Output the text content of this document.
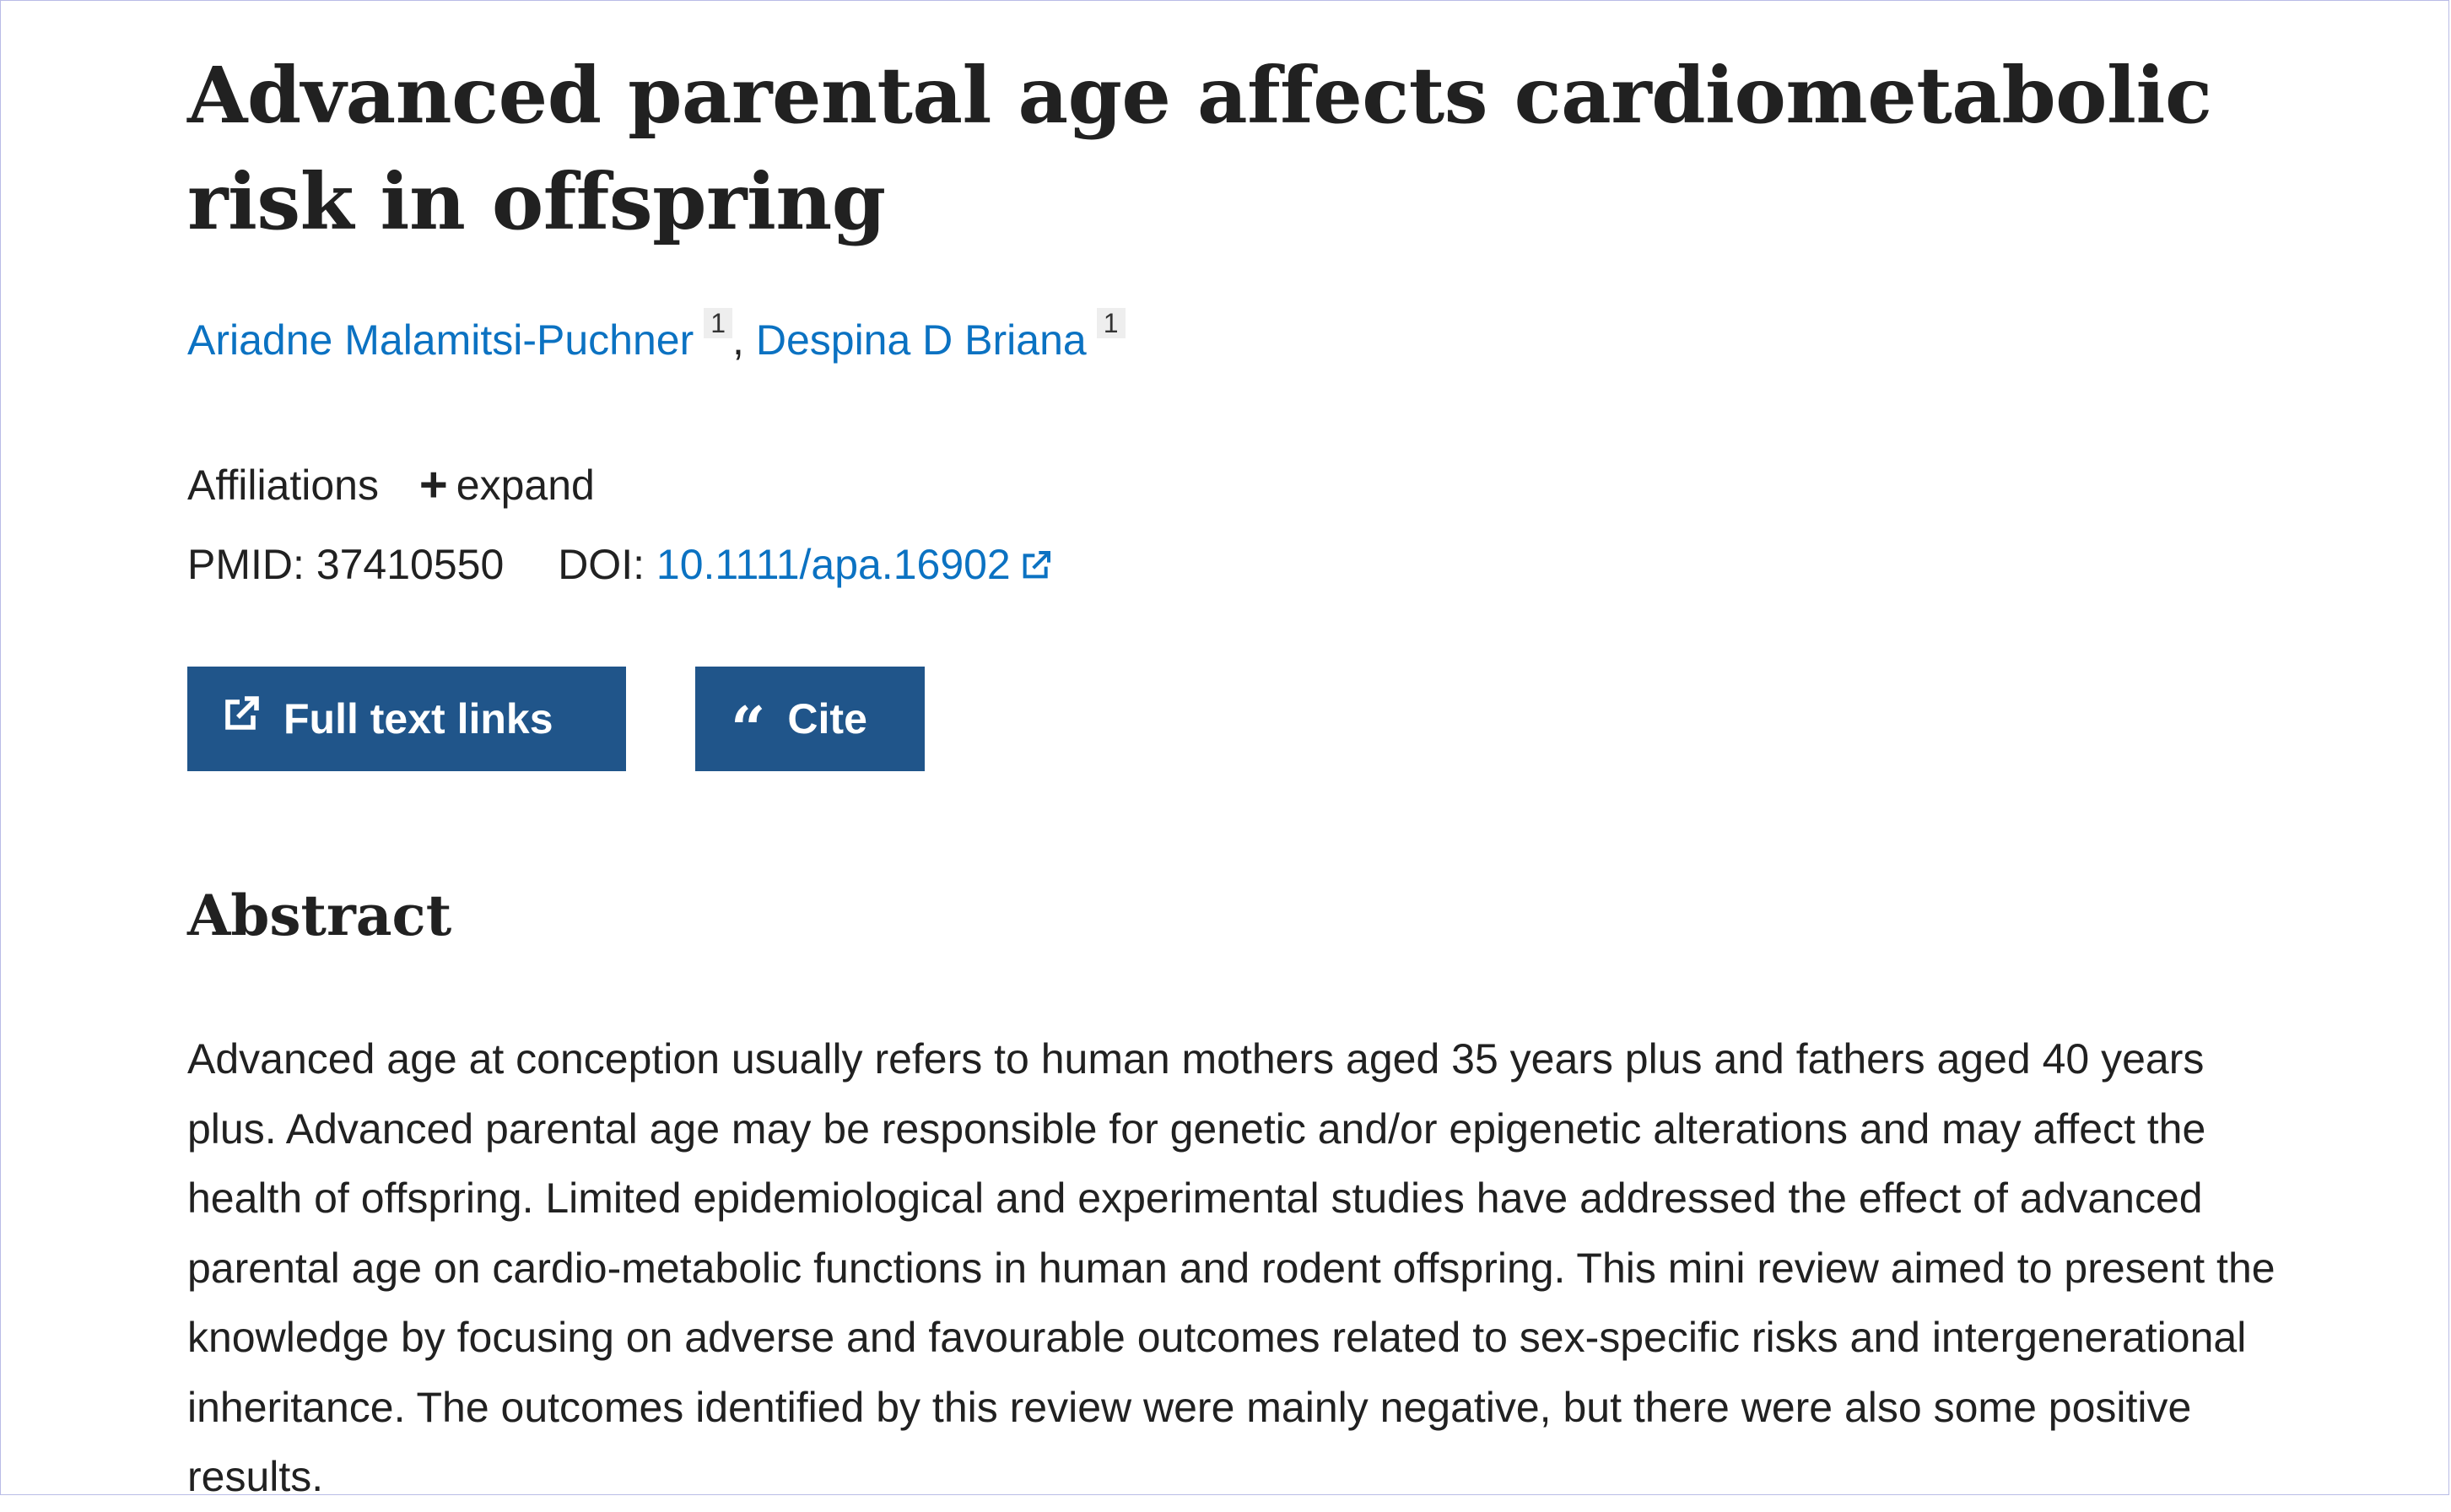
Advanced parental age affects cardiometabolic risk in offspring
Ariadne Malamitsi-Puchner 1 , Despina D Briana 1
Affiliations + expand
PMID: 37410550 DOI: 10.1111/apa.16902
Full text links	“ Cite
Abstract

Advanced age at conception usually refers to human mothers aged 35 years plus and fathers aged 40 years plus. Advanced parental age may be responsible for genetic and/or epigenetic alterations and may affect the health of offspring. Limited epidemiological and experimental studies have addressed the effect of advanced parental age on cardio-metabolic functions in human and rodent offspring. This mini review aimed to present the knowledge by focusing on adverse and favourable outcomes related to sex-specific risks and intergenerational inheritance. The outcomes identified by this review were mainly negative, but there were also some positive results.
